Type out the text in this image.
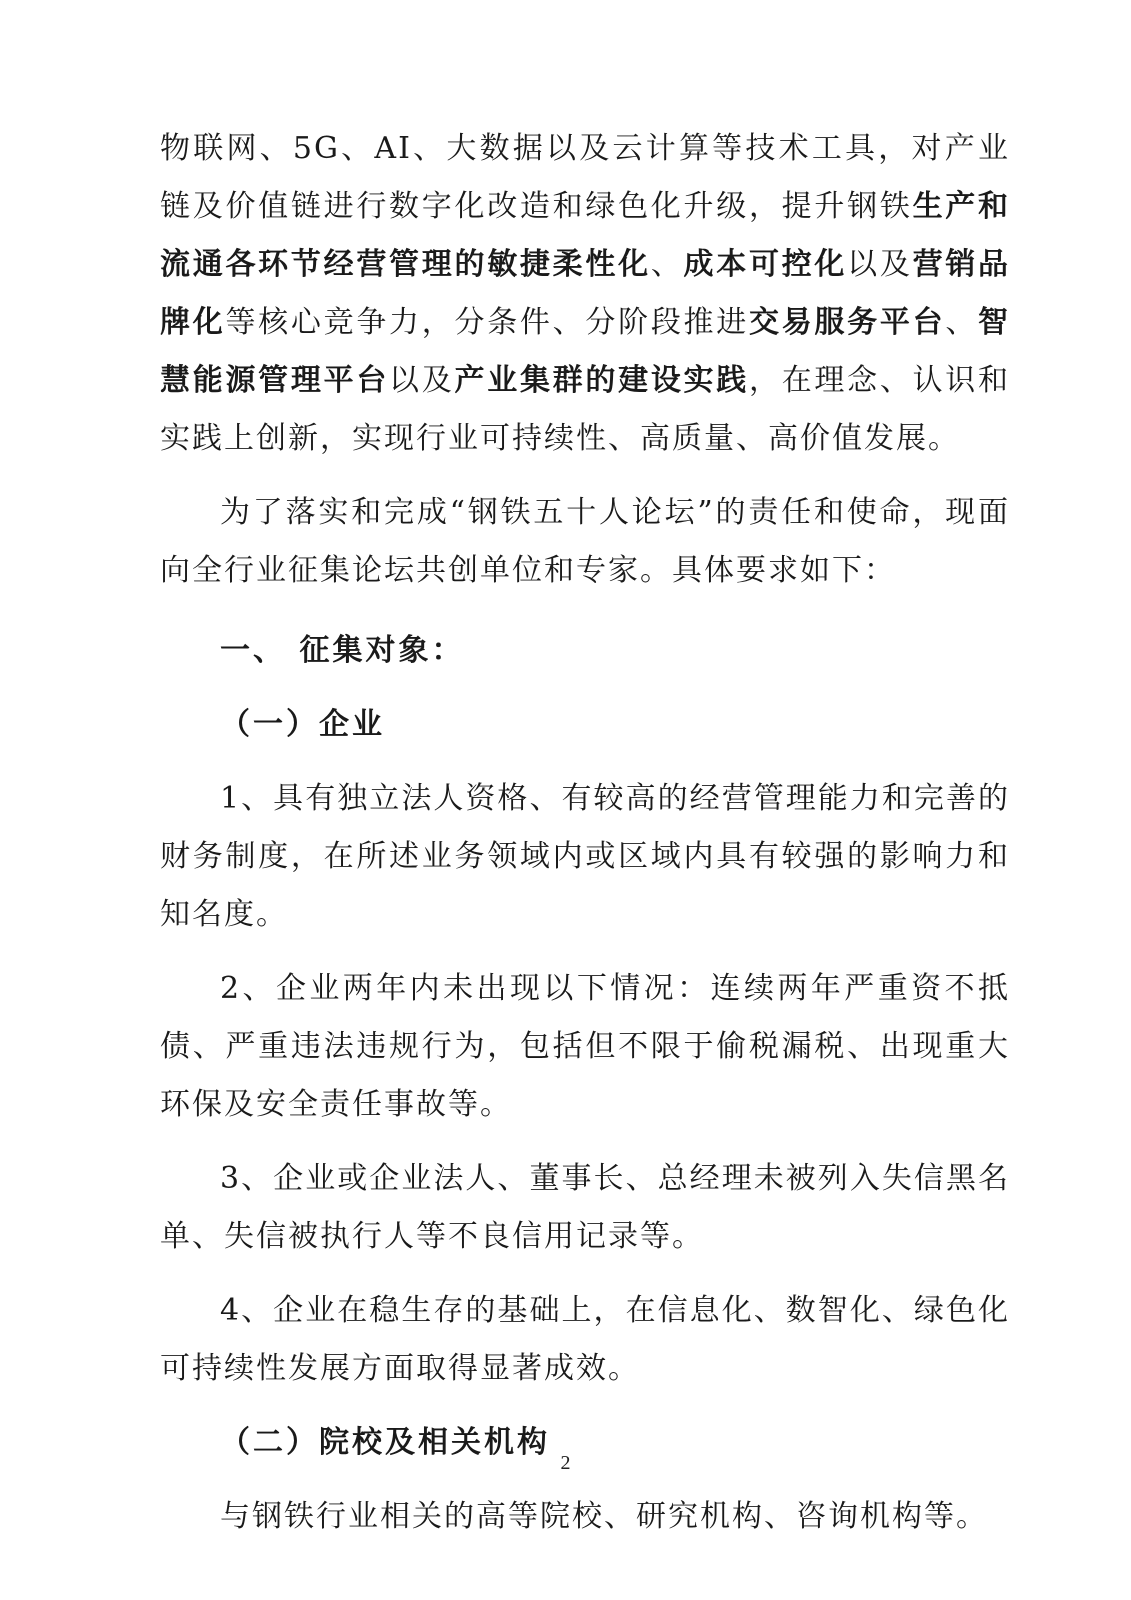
物联网、5G、AI、大数据以及云计算等技术工具，对产业链及价值链进行数字化改造和绿色化升级，提升钢铁生产和流通各环节经营管理的敏捷柔性化、成本可控化以及营销品牌化等核心竞争力，分条件、分阶段推进交易服务平台、智慧能源管理平台以及产业集群的建设实践，在理念、认识和实践上创新，实现行业可持续性、高质量、高价值发展。

为了落实和完成“钢铁五十人论坛”的责任和使命，现面向全行业征集论坛共创单位和专家。具体要求如下：

一、 征集对象：

（一）企业

1、具有独立法人资格、有较高的经营管理能力和完善的财务制度，在所述业务领域内或区域内具有较强的影响力和知名度。

2、企业两年内未出现以下情况：连续两年严重资不抵债、严重违法违规行为，包括但不限于偷税漏税、出现重大环保及安全责任事故等。

3、企业或企业法人、董事长、总经理未被列入失信黑名单、失信被执行人等不良信用记录等。

4、企业在稳生存的基础上，在信息化、数智化、绿色化可持续性发展方面取得显著成效。

（二）院校及相关机构

与钢铁行业相关的高等院校、研究机构、咨询机构等。

2
